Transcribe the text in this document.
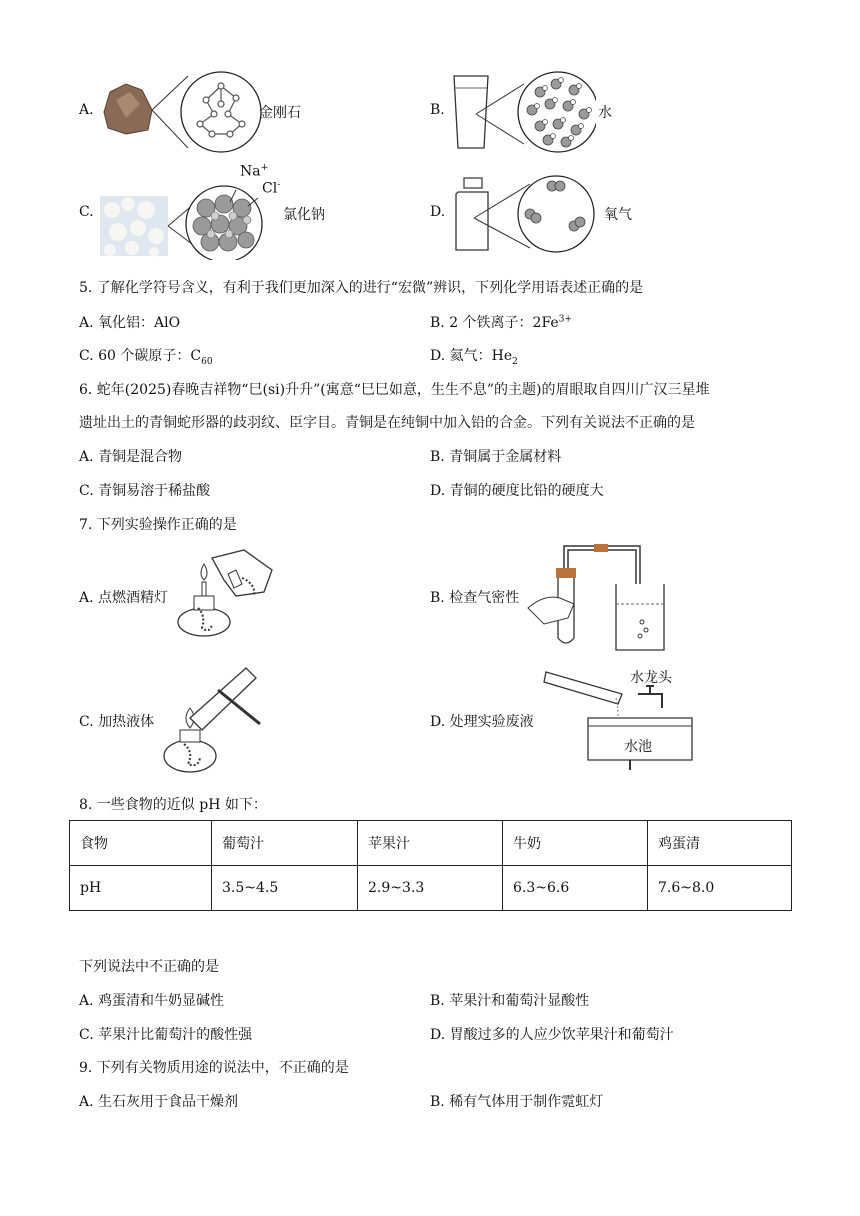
A.	金刚石	B.	水
C.
Na+
Cl-
氯化钠	D.	氧气
5. 了解化学符号含义，有利于我们更加深入的进行“宏微”辨识，下列化学用语表述正确的是
A. 氧化铝：AlO	B. 2 个铁离子：$2Fe^{3+}$
C. 60 个碳原子：$C_{60}$	D. 氦气：$He_2$
6. 蛇年(2025)春晚吉祥物“巳(si)升升”(寓意“巳巳如意，生生不息”的主题)的眉眼取自四川广汉三星堆
遗址出土的青铜蛇形器的歧羽纹、臣字目。青铜是在纯铜中加入铅的合金。下列有关说法不正确的是
A. 青铜是混合物	B. 青铜属于金属材料
C. 青铜易溶于稀盐酸	D. 青铜的硬度比铅的硬度大
7. 下列实验操作正确的是
A. 点燃酒精灯	B. 检查气密性
C. 加热液体	D. 处理实验废液
水龙头
水池
8. 一些食物的近似 pH 如下：
食物	葡萄汁	苹果汁	牛奶	鸡蛋清
pH	3.5~4.5	2.9~3.3	6.3~6.6	7.6~8.0
下列说法中不正确的是
A. 鸡蛋清和牛奶显碱性	B. 苹果汁和葡萄汁显酸性
C. 苹果汁比葡萄汁的酸性强	D. 胃酸过多的人应少饮苹果汁和葡萄汁
9. 下列有关物质用途的说法中，不正确的是
A. 生石灰用于食品干燥剂	B. 稀有气体用于制作霓虹灯
